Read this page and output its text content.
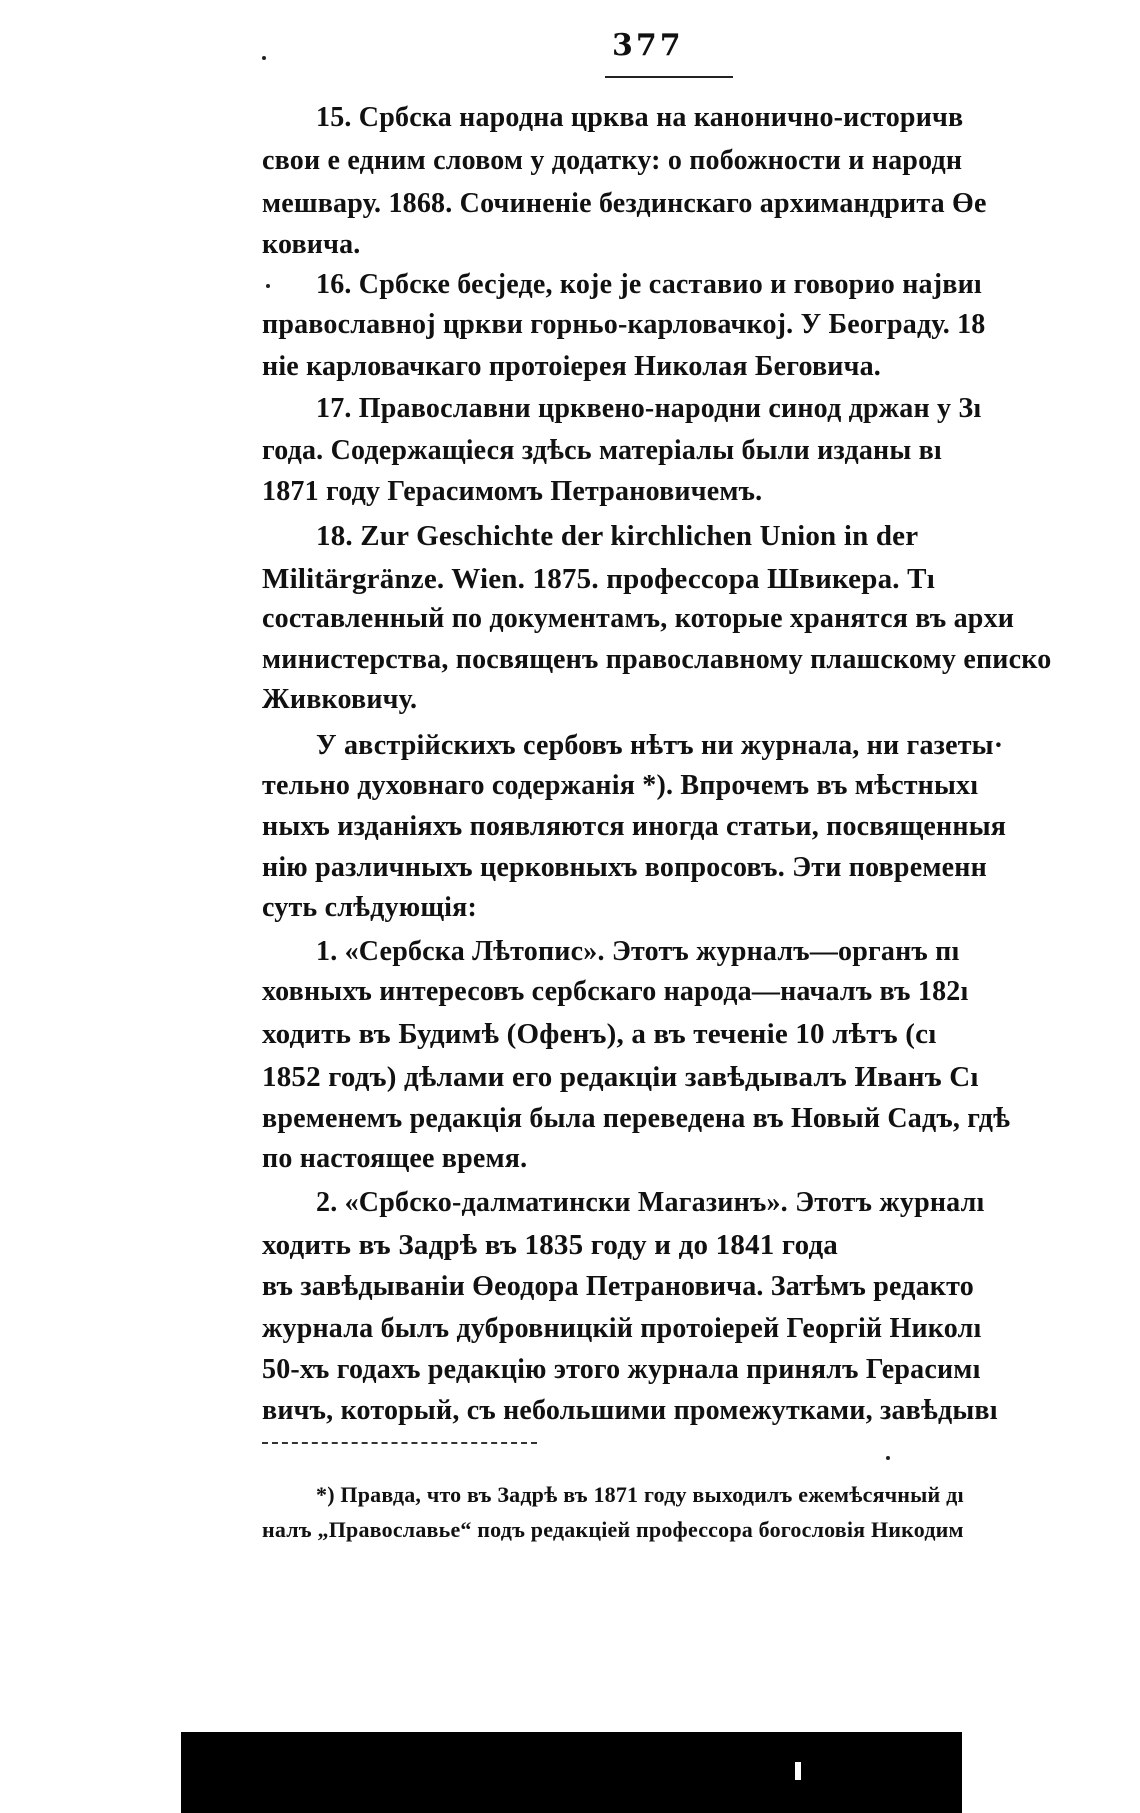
377
15. Србска народна црква на канонично-историчв
свои е едним словом у додатку: о побожности и народн
мешвару. 1868. Сочиненіе бездинскаго архимандрита Өе
ковича.
16. Србске бесједе, које је саставио и говорио највиı
православној цркви горньо-карловачкој. У Београду. 18
ніе карловачкаго протоіерея Николая Беговича.
17. Православни црквено-народни синод држан у Зı
года. Содержащіеся здѣсь матеріалы были изданы вı
1871 году Герасимомъ Петрановичемъ.
18. Zur Geschichte der kirchlichen Union in der
Militärgränze. Wien. 1875. профессора Швикера. Тı
составленный по документамъ, которые хранятся въ архи
министерства, посвященъ православному плашскому еписко
Живковичу.
У австрійскихъ сербовъ нѣтъ ни журнала, ни газеты·
тельно духовнаго содержанія *). Впрочемъ въ мѣстныхı
ныхъ изданіяхъ появляются иногда статьи, посвященныя
нію различныхъ церковныхъ вопросовъ. Эти повременн
суть слѣдующія:
1. «Сербска Лѣтопис». Этотъ журналъ—органъ пı
ховныхъ интересовъ сербскаго народа—началъ въ 182ı
ходить въ Будимѣ (Офенъ), а въ теченіе 10 лѣтъ (сı
1852 годъ) дѣлами его редакціи завѣдывалъ Иванъ Сı
временемъ редакція была переведена въ Новый Садъ, гдѣ
по настоящее время.
2. «Србско-далматински Магазинъ». Этотъ журналı
ходить въ Задрѣ въ 1835 году и до 1841 года
въ завѣдываніи Өеодора Петрановича. Затѣмъ редакто
журнала былъ дубровницкій протоіерей Георгій Николı
50-хъ годахъ редакцію этого журнала принялъ Герасимı
вичъ, который, съ небольшими промежутками, завѣдывı
*) Правда, что въ Задрѣ въ 1871 году выходилъ ежемѣсячный дı
налъ „Православье“ подъ редакціей профессора богословія Никодим
